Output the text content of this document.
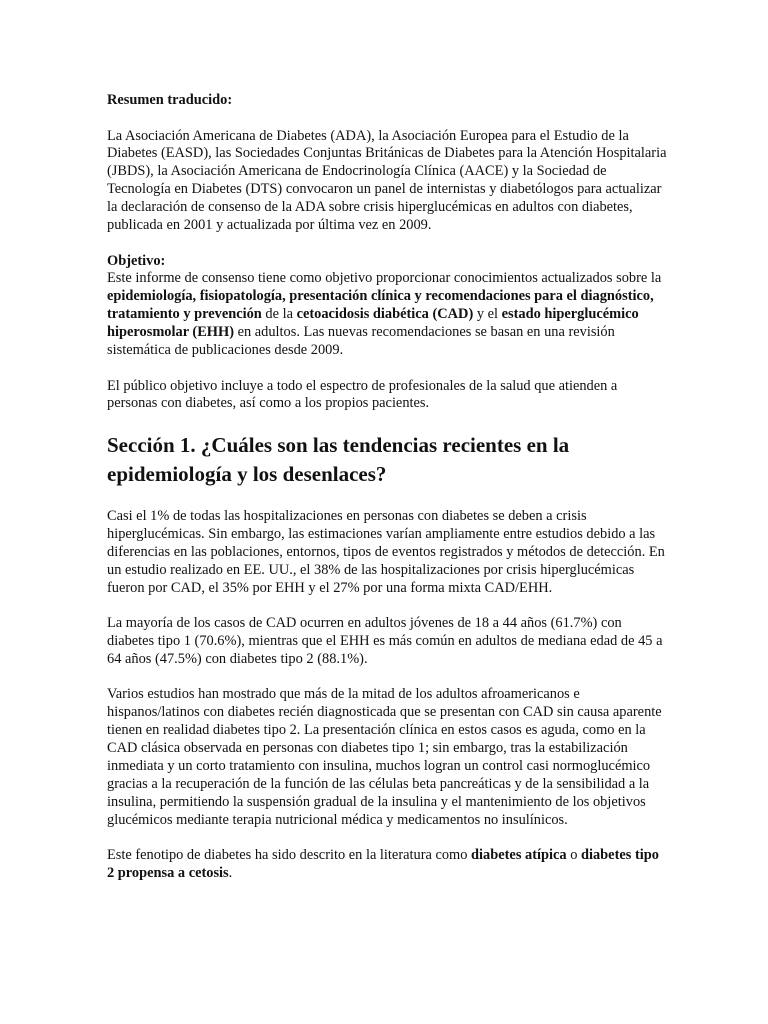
Resumen traducido:

La Asociación Americana de Diabetes (ADA), la Asociación Europea para el Estudio de la Diabetes (EASD), las Sociedades Conjuntas Británicas de Diabetes para la Atención Hospitalaria (JBDS), la Asociación Americana de Endocrinología Clínica (AACE) y la Sociedad de Tecnología en Diabetes (DTS) convocaron un panel de internistas y diabetólogos para actualizar la declaración de consenso de la ADA sobre crisis hiperglucémicas en adultos con diabetes, publicada en 2001 y actualizada por última vez en 2009.

Objetivo:
Este informe de consenso tiene como objetivo proporcionar conocimientos actualizados sobre la epidemiología, fisiopatología, presentación clínica y recomendaciones para el diagnóstico, tratamiento y prevención de la cetoacidosis diabética (CAD) y el estado hiperglucémico hiperosmolar (EHH) en adultos. Las nuevas recomendaciones se basan en una revisión sistemática de publicaciones desde 2009.

El público objetivo incluye a todo el espectro de profesionales de la salud que atienden a personas con diabetes, así como a los propios pacientes.

Sección 1. ¿Cuáles son las tendencias recientes en la epidemiología y los desenlaces?

Casi el 1% de todas las hospitalizaciones en personas con diabetes se deben a crisis hiperglucémicas. Sin embargo, las estimaciones varían ampliamente entre estudios debido a las diferencias en las poblaciones, entornos, tipos de eventos registrados y métodos de detección. En un estudio realizado en EE. UU., el 38% de las hospitalizaciones por crisis hiperglucémicas fueron por CAD, el 35% por EHH y el 27% por una forma mixta CAD/EHH.

La mayoría de los casos de CAD ocurren en adultos jóvenes de 18 a 44 años (61.7%) con diabetes tipo 1 (70.6%), mientras que el EHH es más común en adultos de mediana edad de 45 a 64 años (47.5%) con diabetes tipo 2 (88.1%).

Varios estudios han mostrado que más de la mitad de los adultos afroamericanos e hispanos/latinos con diabetes recién diagnosticada que se presentan con CAD sin causa aparente tienen en realidad diabetes tipo 2. La presentación clínica en estos casos es aguda, como en la CAD clásica observada en personas con diabetes tipo 1; sin embargo, tras la estabilización inmediata y un corto tratamiento con insulina, muchos logran un control casi normoglucémico gracias a la recuperación de la función de las células beta pancreáticas y de la sensibilidad a la insulina, permitiendo la suspensión gradual de la insulina y el mantenimiento de los objetivos glucémicos mediante terapia nutricional médica y medicamentos no insulínicos.

Este fenotipo de diabetes ha sido descrito en la literatura como diabetes atípica o diabetes tipo 2 propensa a cetosis.
